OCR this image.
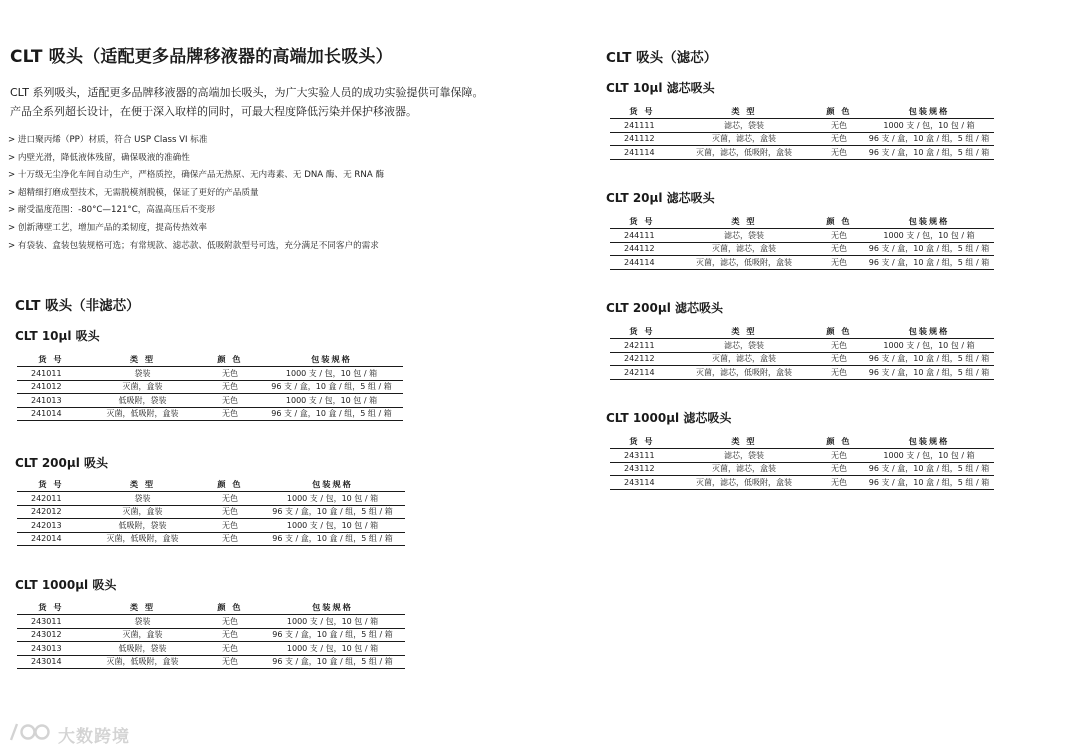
CLT 吸头（适配更多品牌移液器的高端加长吸头）
CLT 系列吸头，适配更多品牌移液器的高端加长吸头，为广大实验人员的成功实验提供可靠保障。
产品全系列超长设计，在便于深入取样的同时，可最大程度降低污染并保护移液器。
> 进口聚丙烯（PP）材质，符合 USP Class VI 标准
> 内壁光滑，降低液体残留，确保吸液的准确性
> 十万级无尘净化车间自动生产，严格质控，确保产品无热原、无内毒素、无 DNA 酶、无 RNA 酶
> 超精细打磨成型技术，无需脱模剂脱模，保证了更好的产品质量
> 耐受温度范围：-80°C—121°C，高温高压后不变形
> 创新薄壁工艺，增加产品的柔韧度，提高传热效率
> 有袋装、盒装包装规格可选；有常规款、滤芯款、低吸附款型号可选，充分满足不同客户的需求
CLT 吸头（非滤芯）
CLT 10μl 吸头
货 号	类 型	颜 色	包装规格
241011	袋装	无色	1000 支 / 包，10 包 / 箱
241012	灭菌，盒装	无色	96 支 / 盒，10 盒 / 组，5 组 / 箱
241013	低吸附，袋装	无色	1000 支 / 包，10 包 / 箱
241014	灭菌，低吸附，盒装	无色	96 支 / 盒，10 盒 / 组，5 组 / 箱
CLT 200μl 吸头
货 号	类 型	颜 色	包装规格
242011	袋装	无色	1000 支 / 包，10 包 / 箱
242012	灭菌，盒装	无色	96 支 / 盒，10 盒 / 组，5 组 / 箱
242013	低吸附，袋装	无色	1000 支 / 包，10 包 / 箱
242014	灭菌，低吸附，盒装	无色	96 支 / 盒，10 盒 / 组，5 组 / 箱
CLT 1000μl 吸头
货 号	类 型	颜 色	包装规格
243011	袋装	无色	1000 支 / 包，10 包 / 箱
243012	灭菌，盒装	无色	96 支 / 盒，10 盒 / 组，5 组 / 箱
243013	低吸附，袋装	无色	1000 支 / 包，10 包 / 箱
243014	灭菌，低吸附，盒装	无色	96 支 / 盒，10 盒 / 组，5 组 / 箱
CLT 吸头（滤芯）
CLT 10μl 滤芯吸头
货 号	类 型	颜 色	包装规格
241111	滤芯，袋装	无色	1000 支 / 包，10 包 / 箱
241112	灭菌，滤芯，盒装	无色	96 支 / 盒，10 盒 / 组，5 组 / 箱
241114	灭菌，滤芯，低吸附，盒装	无色	96 支 / 盒，10 盒 / 组，5 组 / 箱
CLT 20μl 滤芯吸头
货 号	类 型	颜 色	包装规格
244111	滤芯，袋装	无色	1000 支 / 包，10 包 / 箱
244112	灭菌，滤芯，盒装	无色	96 支 / 盒，10 盒 / 组，5 组 / 箱
244114	灭菌，滤芯，低吸附，盒装	无色	96 支 / 盒，10 盒 / 组，5 组 / 箱
CLT 200μl 滤芯吸头
货 号	类 型	颜 色	包装规格
242111	滤芯，袋装	无色	1000 支 / 包，10 包 / 箱
242112	灭菌，滤芯，盒装	无色	96 支 / 盒，10 盒 / 组，5 组 / 箱
242114	灭菌，滤芯，低吸附，盒装	无色	96 支 / 盒，10 盒 / 组，5 组 / 箱
CLT 1000μl 滤芯吸头
货 号	类 型	颜 色	包装规格
243111	滤芯，袋装	无色	1000 支 / 包，10 包 / 箱
243112	灭菌，滤芯，盒装	无色	96 支 / 盒，10 盒 / 组，5 组 / 箱
243114	灭菌，滤芯，低吸附，盒装	无色	96 支 / 盒，10 盒 / 组，5 组 / 箱
大数跨境
